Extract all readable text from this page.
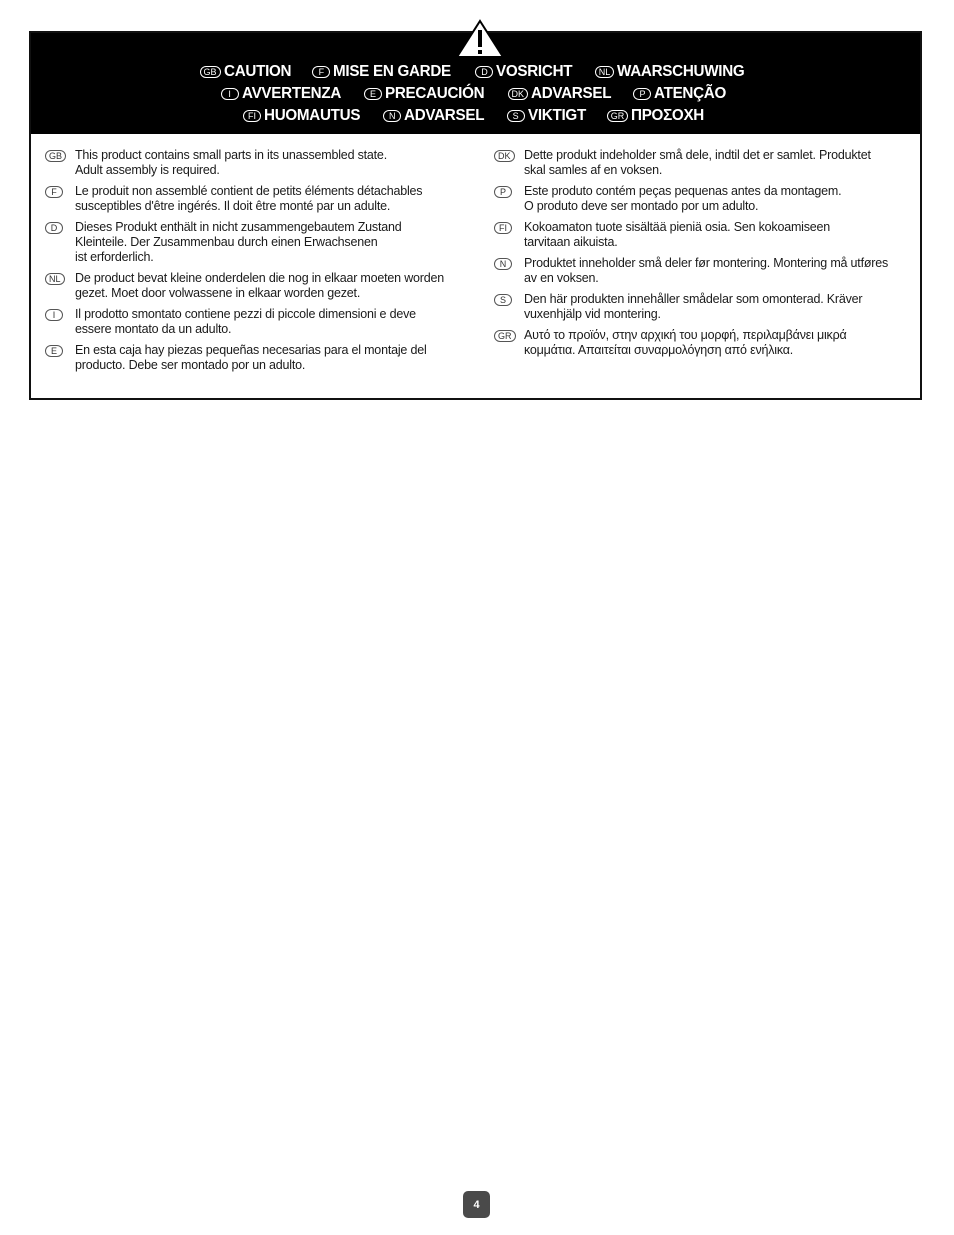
GB CAUTION	F MISE EN GARDE	D VOSRICHT	NL WAARSCHUWING
I AVVERTENZA	E PRECAUCIÓN	DK ADVARSEL	P ATENÇÃO
FI HUOMAUTUS	N ADVARSEL	S VIKTIGT	GR ΠΡΟΣΟΧΗ
GB	This product contains small parts in its unassembled state.
Adult assembly is required.
F	Le produit non assemblé contient de petits éléments détachables
susceptibles d'être ingérés. Il doit être monté par un adulte.
D	Dieses Produkt enthält in nicht zusammengebautem Zustand
Kleinteile. Der Zusammenbau durch einen Erwachsenen
ist erforderlich.
NL	De product bevat kleine onderdelen die nog in elkaar moeten worden
gezet. Moet door volwassene in elkaar worden gezet.
I	Il prodotto smontato contiene pezzi di piccole dimensioni e deve
essere montato da un adulto.
E	En esta caja hay piezas pequeñas necesarias para el montaje del
producto. Debe ser montado por un adulto.
DK	Dette produkt indeholder små dele, indtil det er samlet. Produktet
skal samles af en voksen.
P	Este produto contém peças pequenas antes da montagem.
O produto deve ser montado por um adulto.
FI	Kokoamaton tuote sisältää pieniä osia. Sen kokoamiseen
tarvitaan aikuista.
N	Produktet inneholder små deler før montering. Montering må utføres
av en voksen.
S	Den här produkten innehåller smådelar som omonterad. Kräver
vuxenhjälp vid montering.
GR	Αυτό το προϊόν, στην αρχική του μορφή, περιλαμβάνει μικρά
κομμάτια. Απαιτείται συναρμολόγηση από ενήλικα.
4
